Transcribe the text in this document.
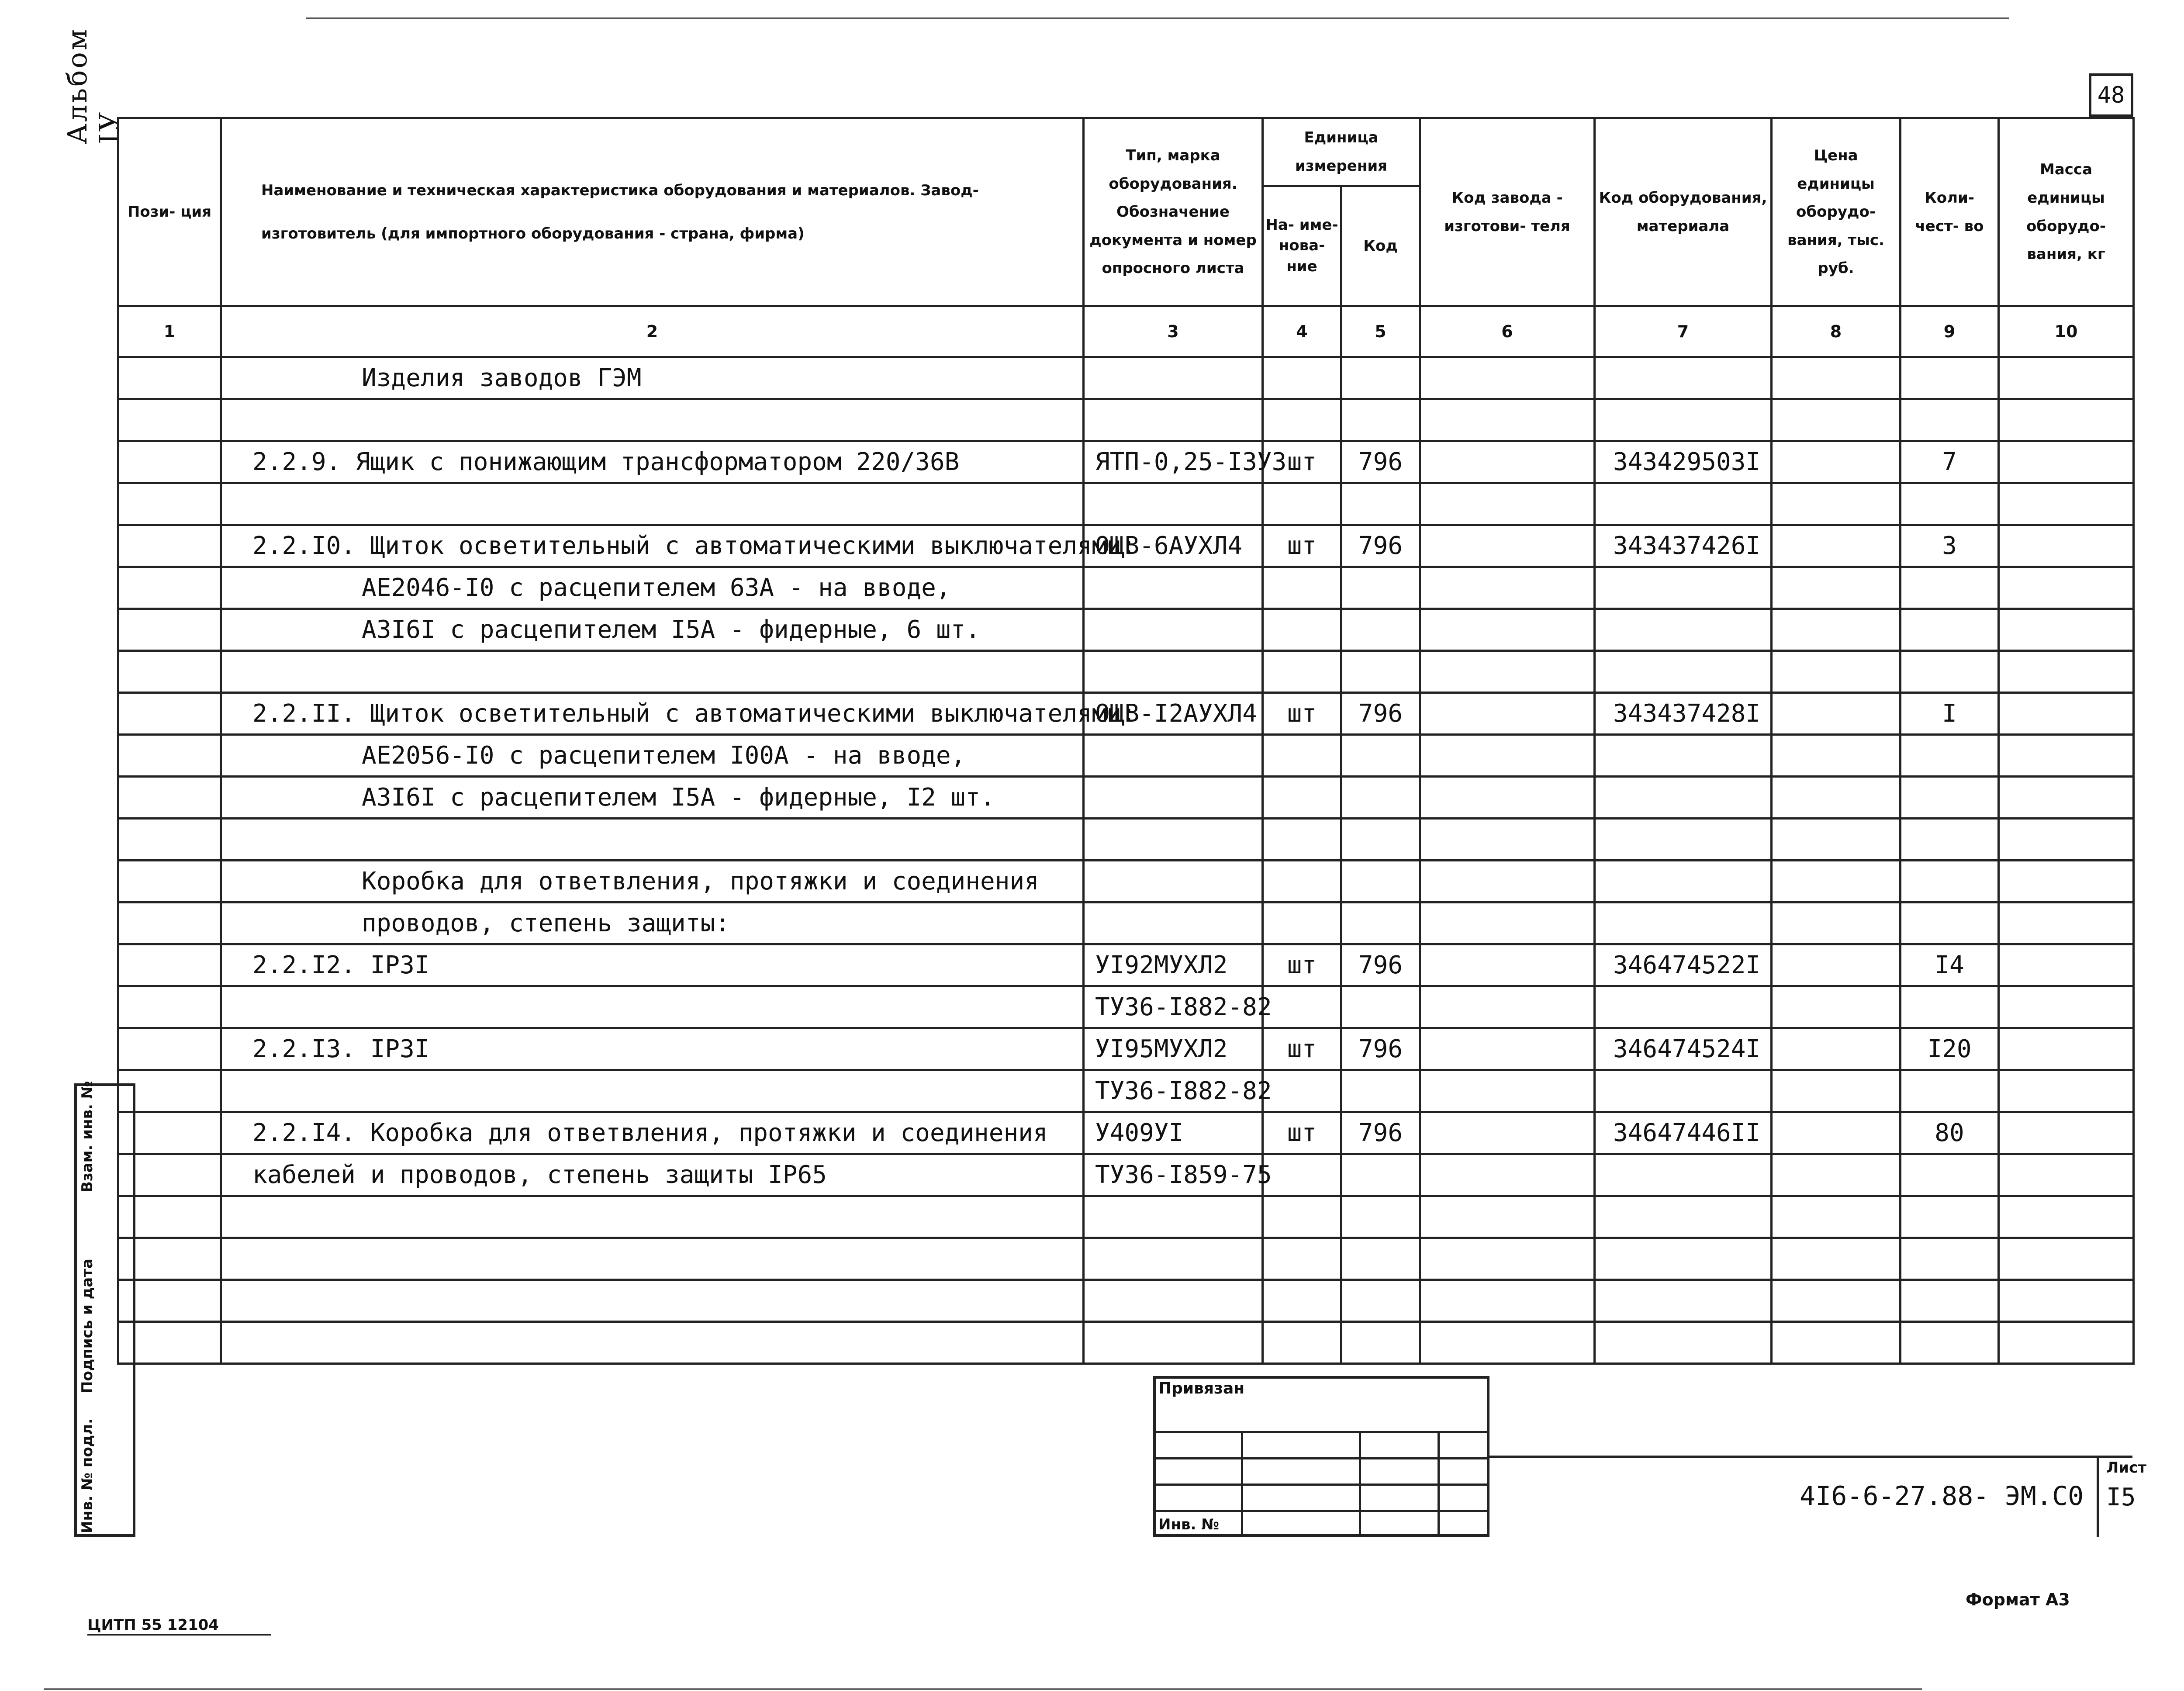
48
Альбом IУ
Пози- ция	Наименование и техническая характеристика оборудования и материалов. Завод-изготовитель (для импортного оборудования - страна, фирма)	Тип, марка оборудования. Обозначение документа и номер опросного листа	Единица измерения		Код завода - изготови- теля	Код оборудования, материала	Цена единицы оборудо- вания, тыс. руб.	Коли- чест- во	Масса единицы оборудо- вания, кг
			На- име- нова- ние	Код					
1	2	3	4	5	6	7	8	9	10
	Изделия заводов ГЭМ								

	2.2.9. Ящик с понижающим трансформатором 220/36В	ЯТП-0,25-I3У3	шт	796		343429503I		7	

	2.2.I0. Щиток осветительный с автоматическими выключателями:	ОЩВ-6АУХЛ4	шт	796		343437426I		3	
	АЕ2046-I0 с расцепителем 63А - на вводе,								
	А3I6I с расцепителем I5А - фидерные, 6 шт.								

	2.2.II. Щиток осветительный с автоматическими выключателями:	ОЩВ-I2АУХЛ4	шт	796		343437428I		I	
	АЕ2056-I0 с расцепителем I00А - на вводе,								
	А3I6I с расцепителем I5А - фидерные, I2 шт.								

	Коробка для ответвления, протяжки и соединения								
	проводов, степень защиты:								
	2.2.I2. IР3I	УI92МУХЛ2	шт	796		346474522I		I4	
		ТУ36-I882-82							
	2.2.I3. IР3I	УI95МУХЛ2	шт	796		346474524I		I20	
		ТУ36-I882-82							
	2.2.I4. Коробка для ответвления, протяжки и соединения	У409УI	шт	796		34647446II		80	
	кабелей и проводов, степень защиты IР65	ТУ36-I859-75							

Взам. инв. №
Подпись и дата
Инв. № подл.
Привязан
Инв. №
4I6-6-27.88- ЭМ.С0
Лист
I5
Формат А3
ЦИТП 55 12104
